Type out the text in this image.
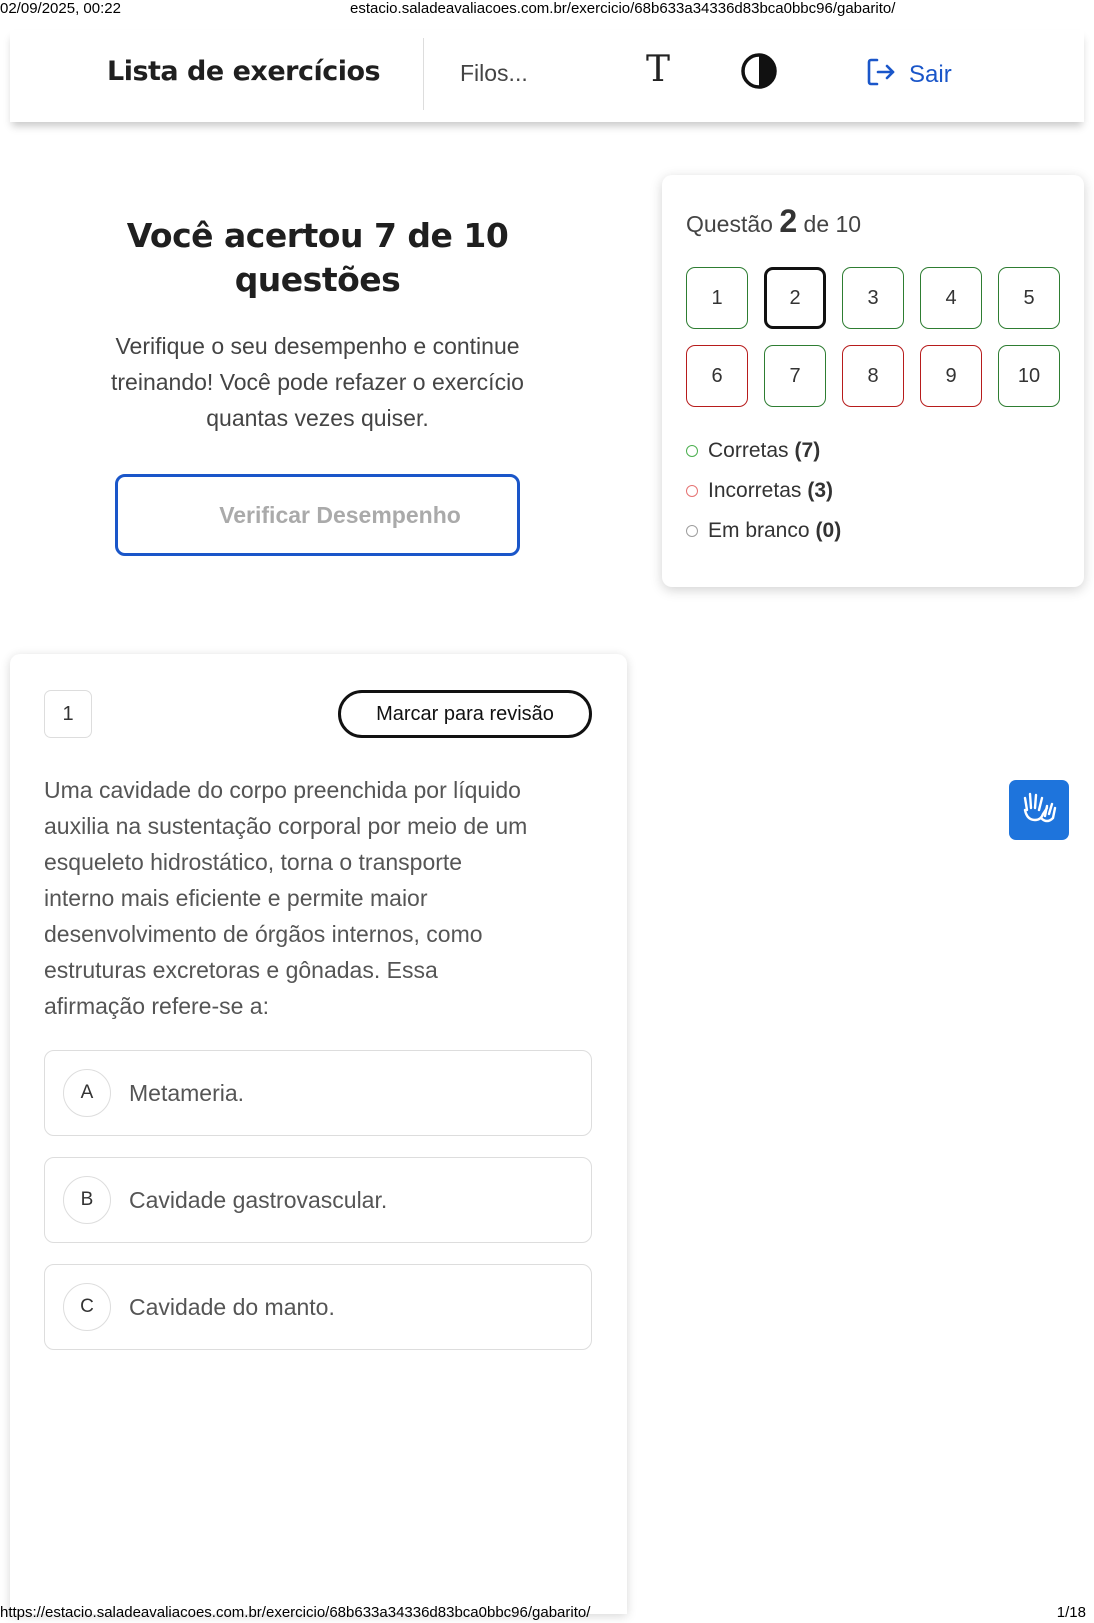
02/09/2025, 00:22	estacio.saladeavaliacoes.com.br/exercicio/68b633a34336d83bca0bbc96/gabarito/
Lista de exercícios	Filos...	T	Sair
Você acertou 7 de 10
questões
Verifique o seu desempenho e continue
treinando! Você pode refazer o exercício
quantas vezes quiser.
Verificar Desempenho
Questão 2 de 10
1	2	3	4	5
6	7	8	9	10
Corretas (7)
Incorretas (3)
Em branco (0)
1	Marcar para revisão
Uma cavidade do corpo preenchida por líquido
auxilia na sustentação corporal por meio de um
esqueleto hidrostático, torna o transporte
interno mais eficiente e permite maior
desenvolvimento de órgãos internos, como
estruturas excretoras e gônadas. Essa
afirmação refere-se a:
A	Metameria.
B	Cavidade gastrovascular.
C	Cavidade do manto.
https://estacio.saladeavaliacoes.com.br/exercicio/68b633a34336d83bca0bbc96/gabarito/	1/18
